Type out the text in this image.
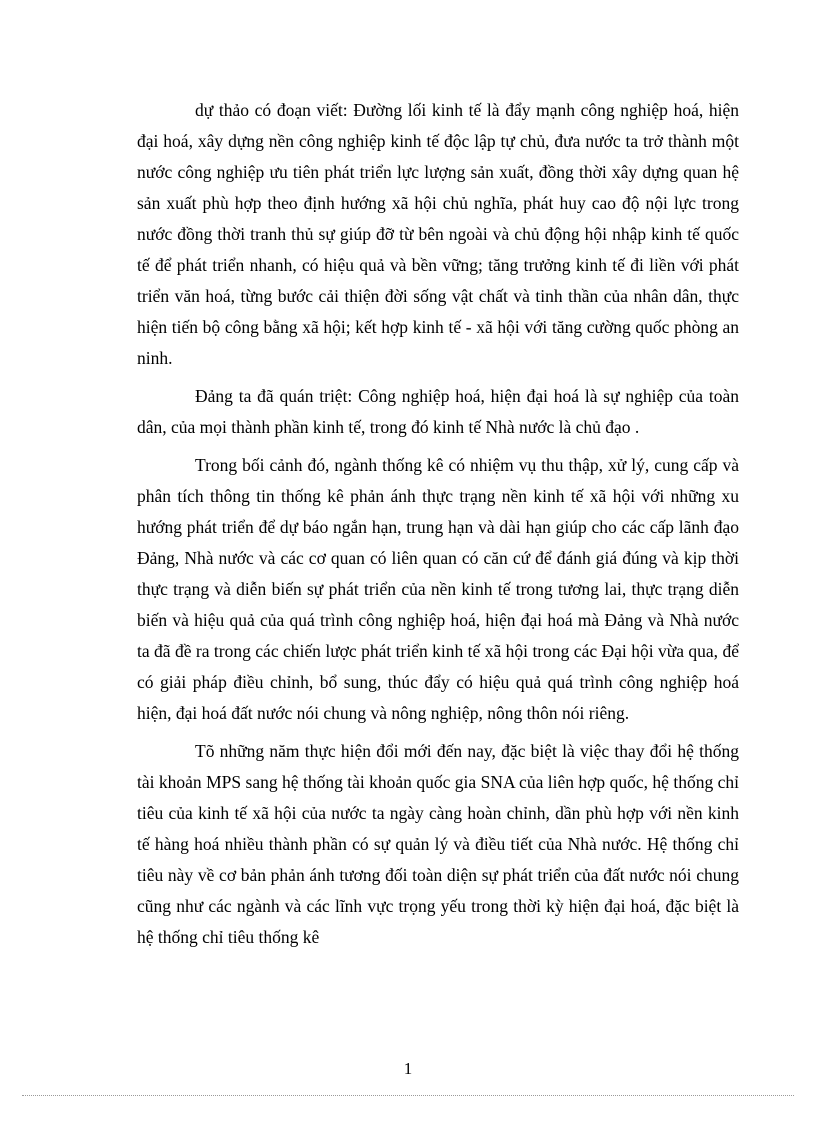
dự thảo có đoạn viết: Đường lối kinh tế là đẩy mạnh công nghiệp hoá, hiện đại hoá, xây dựng nền công nghiệp kinh tế độc lập tự chủ, đưa nước ta trở thành một nước công nghiệp ưu tiên phát triển lực lượng sản xuất, đồng thời xây dựng quan hệ sản xuất phù hợp theo định hướng xã hội chủ nghĩa, phát huy cao độ nội lực trong nước đồng thời tranh thủ sự giúp đỡ từ bên ngoài và chủ động hội nhập kinh tế quốc tế để phát triển nhanh, có hiệu quả và bền vững; tăng trưởng kinh tế đi liền với phát triển văn hoá, từng bước cải thiện đời sống vật chất và tinh thần của nhân dân, thực hiện tiến bộ công bằng xã hội; kết hợp kinh tế - xã hội với tăng cường quốc phòng an ninh.

Đảng ta đã quán triệt: Công nghiệp hoá, hiện đại hoá là sự nghiệp của toàn dân, của mọi thành phần kinh tế, trong đó kinh tế Nhà nước là chủ đạo .

Trong bối cảnh đó, ngành thống kê có nhiệm vụ thu thập, xử lý, cung cấp và phân tích thông tin thống kê phản ánh thực trạng nền kinh tế xã hội với những xu hướng phát triển để dự báo ngắn hạn, trung hạn và dài hạn giúp cho các cấp lãnh đạo Đảng, Nhà nước và các cơ quan có liên quan có căn cứ để đánh giá đúng và kịp thời thực trạng và diễn biến sự phát triển của nền kinh tế trong tương lai, thực trạng diễn biến và hiệu quả của quá trình công nghiệp hoá, hiện đại hoá mà Đảng và Nhà nước ta đã đề ra trong các chiến lược phát triển kinh tế xã hội trong các Đại hội vừa qua, để có giải pháp điều chỉnh, bổ sung, thúc đẩy có hiệu quả quá trình công nghiệp hoá hiện, đại hoá đất nước nói chung và nông nghiệp, nông thôn nói riêng.

Tõ những năm thực hiện đổi mới đến nay, đặc biệt là việc thay đổi hệ thống tài khoản MPS sang hệ thống tài khoản quốc gia SNA của liên hợp quốc, hệ thống chỉ tiêu của kinh tế xã hội của nước ta ngày càng hoàn chỉnh, dần phù hợp với nền kinh tế hàng hoá nhiều thành phần có sự quản lý và điều tiết của Nhà nước. Hệ thống chỉ tiêu này về cơ bản phản ánh tương đối toàn diện sự phát triển của đất nước nói chung cũng như các ngành và các lĩnh vực trọng yếu trong thời kỳ hiện đại hoá, đặc biệt là hệ thống chỉ tiêu thống kê

1
